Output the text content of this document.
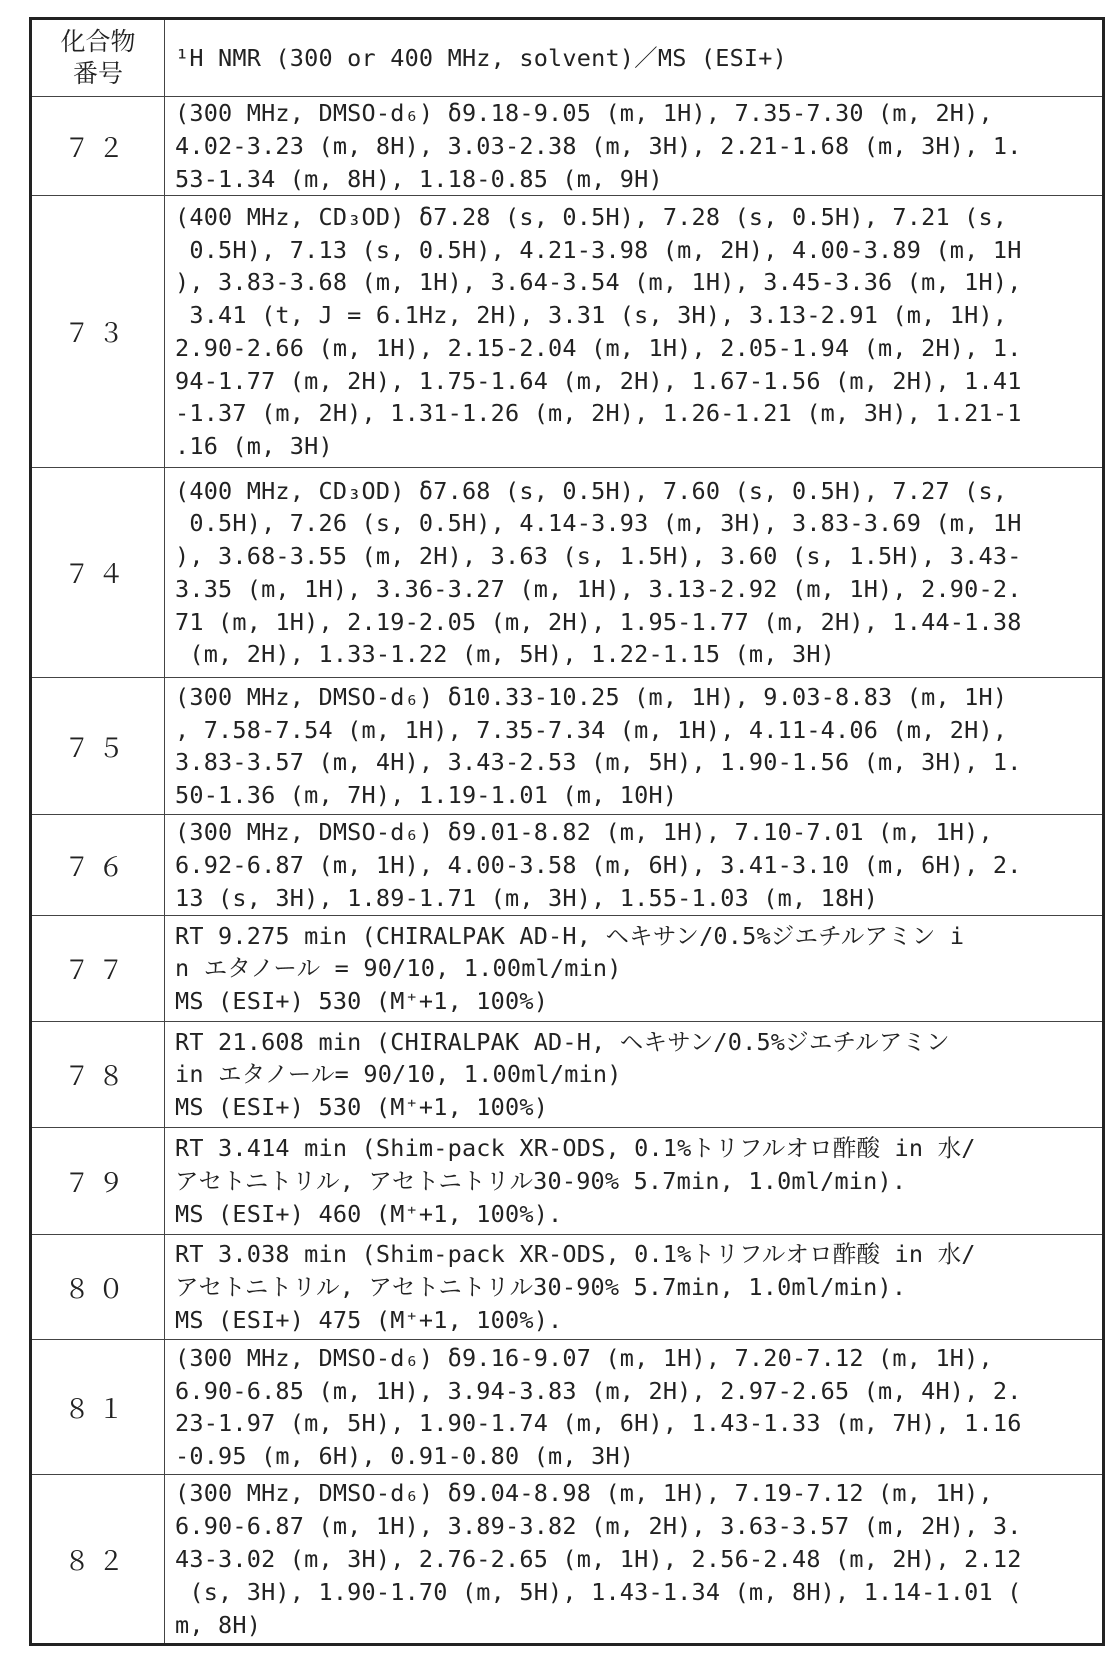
化合物
番号

¹H NMR (300 or 400 MHz, solvent)／MS (ESI+)

７２	
(300 MHz, DMSO-d₆) δ9.18-9.05 (m, 1H), 7.35-7.30 (m, 2H),
4.02-3.23 (m, 8H), 3.03-2.38 (m, 3H), 2.21-1.68 (m, 3H), 1.
53-1.34 (m, 8H), 1.18-0.85 (m, 9H)

７３	
(400 MHz, CD₃OD) δ7.28 (s, 0.5H), 7.28 (s, 0.5H), 7.21 (s,
0.5H), 7.13 (s, 0.5H), 4.21-3.98 (m, 2H), 4.00-3.89 (m, 1H
), 3.83-3.68 (m, 1H), 3.64-3.54 (m, 1H), 3.45-3.36 (m, 1H),
3.41 (t, J = 6.1Hz, 2H), 3.31 (s, 3H), 3.13-2.91 (m, 1H),
2.90-2.66 (m, 1H), 2.15-2.04 (m, 1H), 2.05-1.94 (m, 2H), 1.
94-1.77 (m, 2H), 1.75-1.64 (m, 2H), 1.67-1.56 (m, 2H), 1.41
-1.37 (m, 2H), 1.31-1.26 (m, 2H), 1.26-1.21 (m, 3H), 1.21-1
.16 (m, 3H)

７４	
(400 MHz, CD₃OD) δ7.68 (s, 0.5H), 7.60 (s, 0.5H), 7.27 (s,
0.5H), 7.26 (s, 0.5H), 4.14-3.93 (m, 3H), 3.83-3.69 (m, 1H
), 3.68-3.55 (m, 2H), 3.63 (s, 1.5H), 3.60 (s, 1.5H), 3.43-
3.35 (m, 1H), 3.36-3.27 (m, 1H), 3.13-2.92 (m, 1H), 2.90-2.
71 (m, 1H), 2.19-2.05 (m, 2H), 1.95-1.77 (m, 2H), 1.44-1.38
(m, 2H), 1.33-1.22 (m, 5H), 1.22-1.15 (m, 3H)

７５	
(300 MHz, DMSO-d₆) δ10.33-10.25 (m, 1H), 9.03-8.83 (m, 1H)
, 7.58-7.54 (m, 1H), 7.35-7.34 (m, 1H), 4.11-4.06 (m, 2H),
3.83-3.57 (m, 4H), 3.43-2.53 (m, 5H), 1.90-1.56 (m, 3H), 1.
50-1.36 (m, 7H), 1.19-1.01 (m, 10H)

７６	
(300 MHz, DMSO-d₆) δ9.01-8.82 (m, 1H), 7.10-7.01 (m, 1H),
6.92-6.87 (m, 1H), 4.00-3.58 (m, 6H), 3.41-3.10 (m, 6H), 2.
13 (s, 3H), 1.89-1.71 (m, 3H), 1.55-1.03 (m, 18H)

７７	
RT 9.275 min (CHIRALPAK AD-H, ヘキサン/0.5%ジエチルアミン i
n エタノール = 90/10, 1.00ml/min)
MS (ESI+) 530 (M⁺+1, 100%)

７８	
RT 21.608 min (CHIRALPAK AD-H, ヘキサン/0.5%ジエチルアミン
in エタノール= 90/10, 1.00ml/min)
MS (ESI+) 530 (M⁺+1, 100%)

７９	
RT 3.414 min (Shim-pack XR-ODS, 0.1%トリフルオロ酢酸 in 水/
アセトニトリル, アセトニトリル30-90% 5.7min, 1.0ml/min).
MS (ESI+) 460 (M⁺+1, 100%).

８０	
RT 3.038 min (Shim-pack XR-ODS, 0.1%トリフルオロ酢酸 in 水/
アセトニトリル, アセトニトリル30-90% 5.7min, 1.0ml/min).
MS (ESI+) 475 (M⁺+1, 100%).

８１	
(300 MHz, DMSO-d₆) δ9.16-9.07 (m, 1H), 7.20-7.12 (m, 1H),
6.90-6.85 (m, 1H), 3.94-3.83 (m, 2H), 2.97-2.65 (m, 4H), 2.
23-1.97 (m, 5H), 1.90-1.74 (m, 6H), 1.43-1.33 (m, 7H), 1.16
-0.95 (m, 6H), 0.91-0.80 (m, 3H)

８２	
(300 MHz, DMSO-d₆) δ9.04-8.98 (m, 1H), 7.19-7.12 (m, 1H),
6.90-6.87 (m, 1H), 3.89-3.82 (m, 2H), 3.63-3.57 (m, 2H), 3.
43-3.02 (m, 3H), 2.76-2.65 (m, 1H), 2.56-2.48 (m, 2H), 2.12
(s, 3H), 1.90-1.70 (m, 5H), 1.43-1.34 (m, 8H), 1.14-1.01 (
m, 8H)
